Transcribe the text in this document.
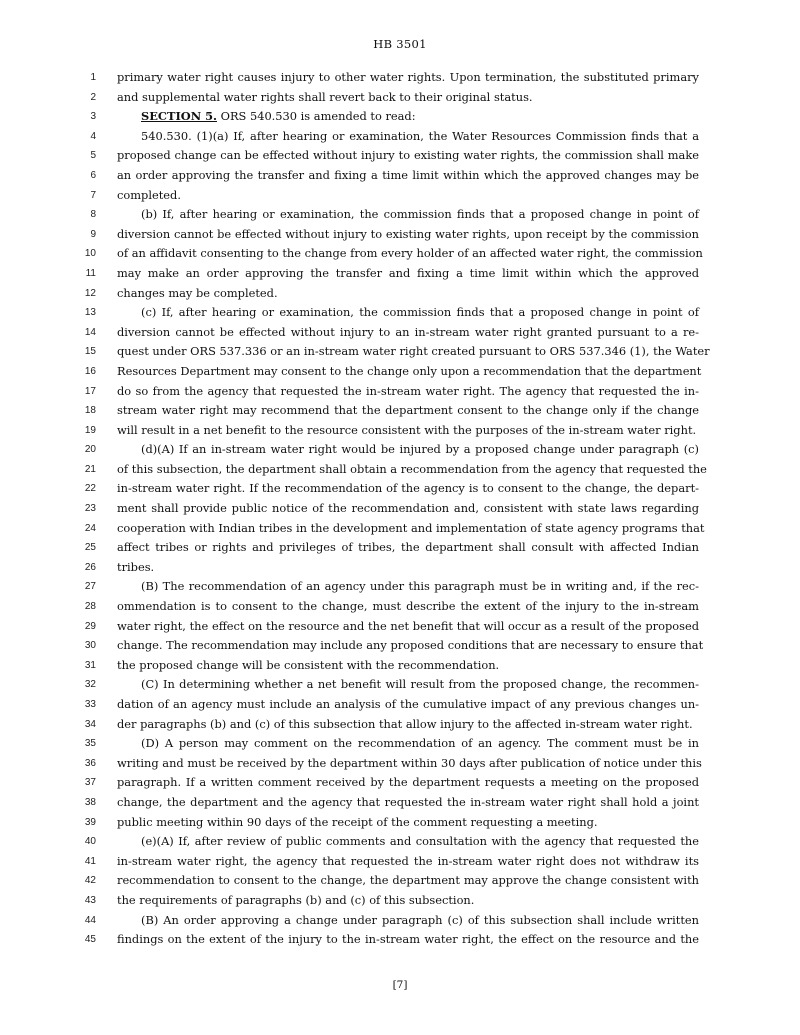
HB 3501
1 primary water right causes injury to other water rights. Upon termination, the substituted primary
2 and supplemental water rights shall revert back to their original status.
3	SECTION 5. ORS 540.530 is amended to read:
4	540.530. (1)(a) If, after hearing or examination, the Water Resources Commission finds that a
5 proposed change can be effected without injury to existing water rights, the commission shall make
6 an order approving the transfer and fixing a time limit within which the approved changes may be
7 completed.
8	(b) If, after hearing or examination, the commission finds that a proposed change in point of
9 diversion cannot be effected without injury to existing water rights, upon receipt by the commission
10 of an affidavit consenting to the change from every holder of an affected water right, the commission
11 may make an order approving the transfer and fixing a time limit within which the approved
12 changes may be completed.
13	(c) If, after hearing or examination, the commission finds that a proposed change in point of
14 diversion cannot be effected without injury to an in-stream water right granted pursuant to a re-
15 quest under ORS 537.336 or an in-stream water right created pursuant to ORS 537.346 (1), the Water
16 Resources Department may consent to the change only upon a recommendation that the department
17 do so from the agency that requested the in-stream water right. The agency that requested the in-
18 stream water right may recommend that the department consent to the change only if the change
19 will result in a net benefit to the resource consistent with the purposes of the in-stream water right.
20	(d)(A) If an in-stream water right would be injured by a proposed change under paragraph (c)
21 of this subsection, the department shall obtain a recommendation from the agency that requested the
22 in-stream water right. If the recommendation of the agency is to consent to the change, the depart-
23 ment shall provide public notice of the recommendation and, consistent with state laws regarding
24 cooperation with Indian tribes in the development and implementation of state agency programs that
25 affect tribes or rights and privileges of tribes, the department shall consult with affected Indian
26 tribes.
27	(B) The recommendation of an agency under this paragraph must be in writing and, if the rec-
28 ommendation is to consent to the change, must describe the extent of the injury to the in-stream
29 water right, the effect on the resource and the net benefit that will occur as a result of the proposed
30 change. The recommendation may include any proposed conditions that are necessary to ensure that
31 the proposed change will be consistent with the recommendation.
32	(C) In determining whether a net benefit will result from the proposed change, the recommen-
33 dation of an agency must include an analysis of the cumulative impact of any previous changes un-
34 der paragraphs (b) and (c) of this subsection that allow injury to the affected in-stream water right.
35	(D) A person may comment on the recommendation of an agency. The comment must be in
36 writing and must be received by the department within 30 days after publication of notice under this
37 paragraph. If a written comment received by the department requests a meeting on the proposed
38 change, the department and the agency that requested the in-stream water right shall hold a joint
39 public meeting within 90 days of the receipt of the comment requesting a meeting.
40	(e)(A) If, after review of public comments and consultation with the agency that requested the
41 in-stream water right, the agency that requested the in-stream water right does not withdraw its
42 recommendation to consent to the change, the department may approve the change consistent with
43 the requirements of paragraphs (b) and (c) of this subsection.
44	(B) An order approving a change under paragraph (c) of this subsection shall include written
45 findings on the extent of the injury to the in-stream water right, the effect on the resource and the
[7]
